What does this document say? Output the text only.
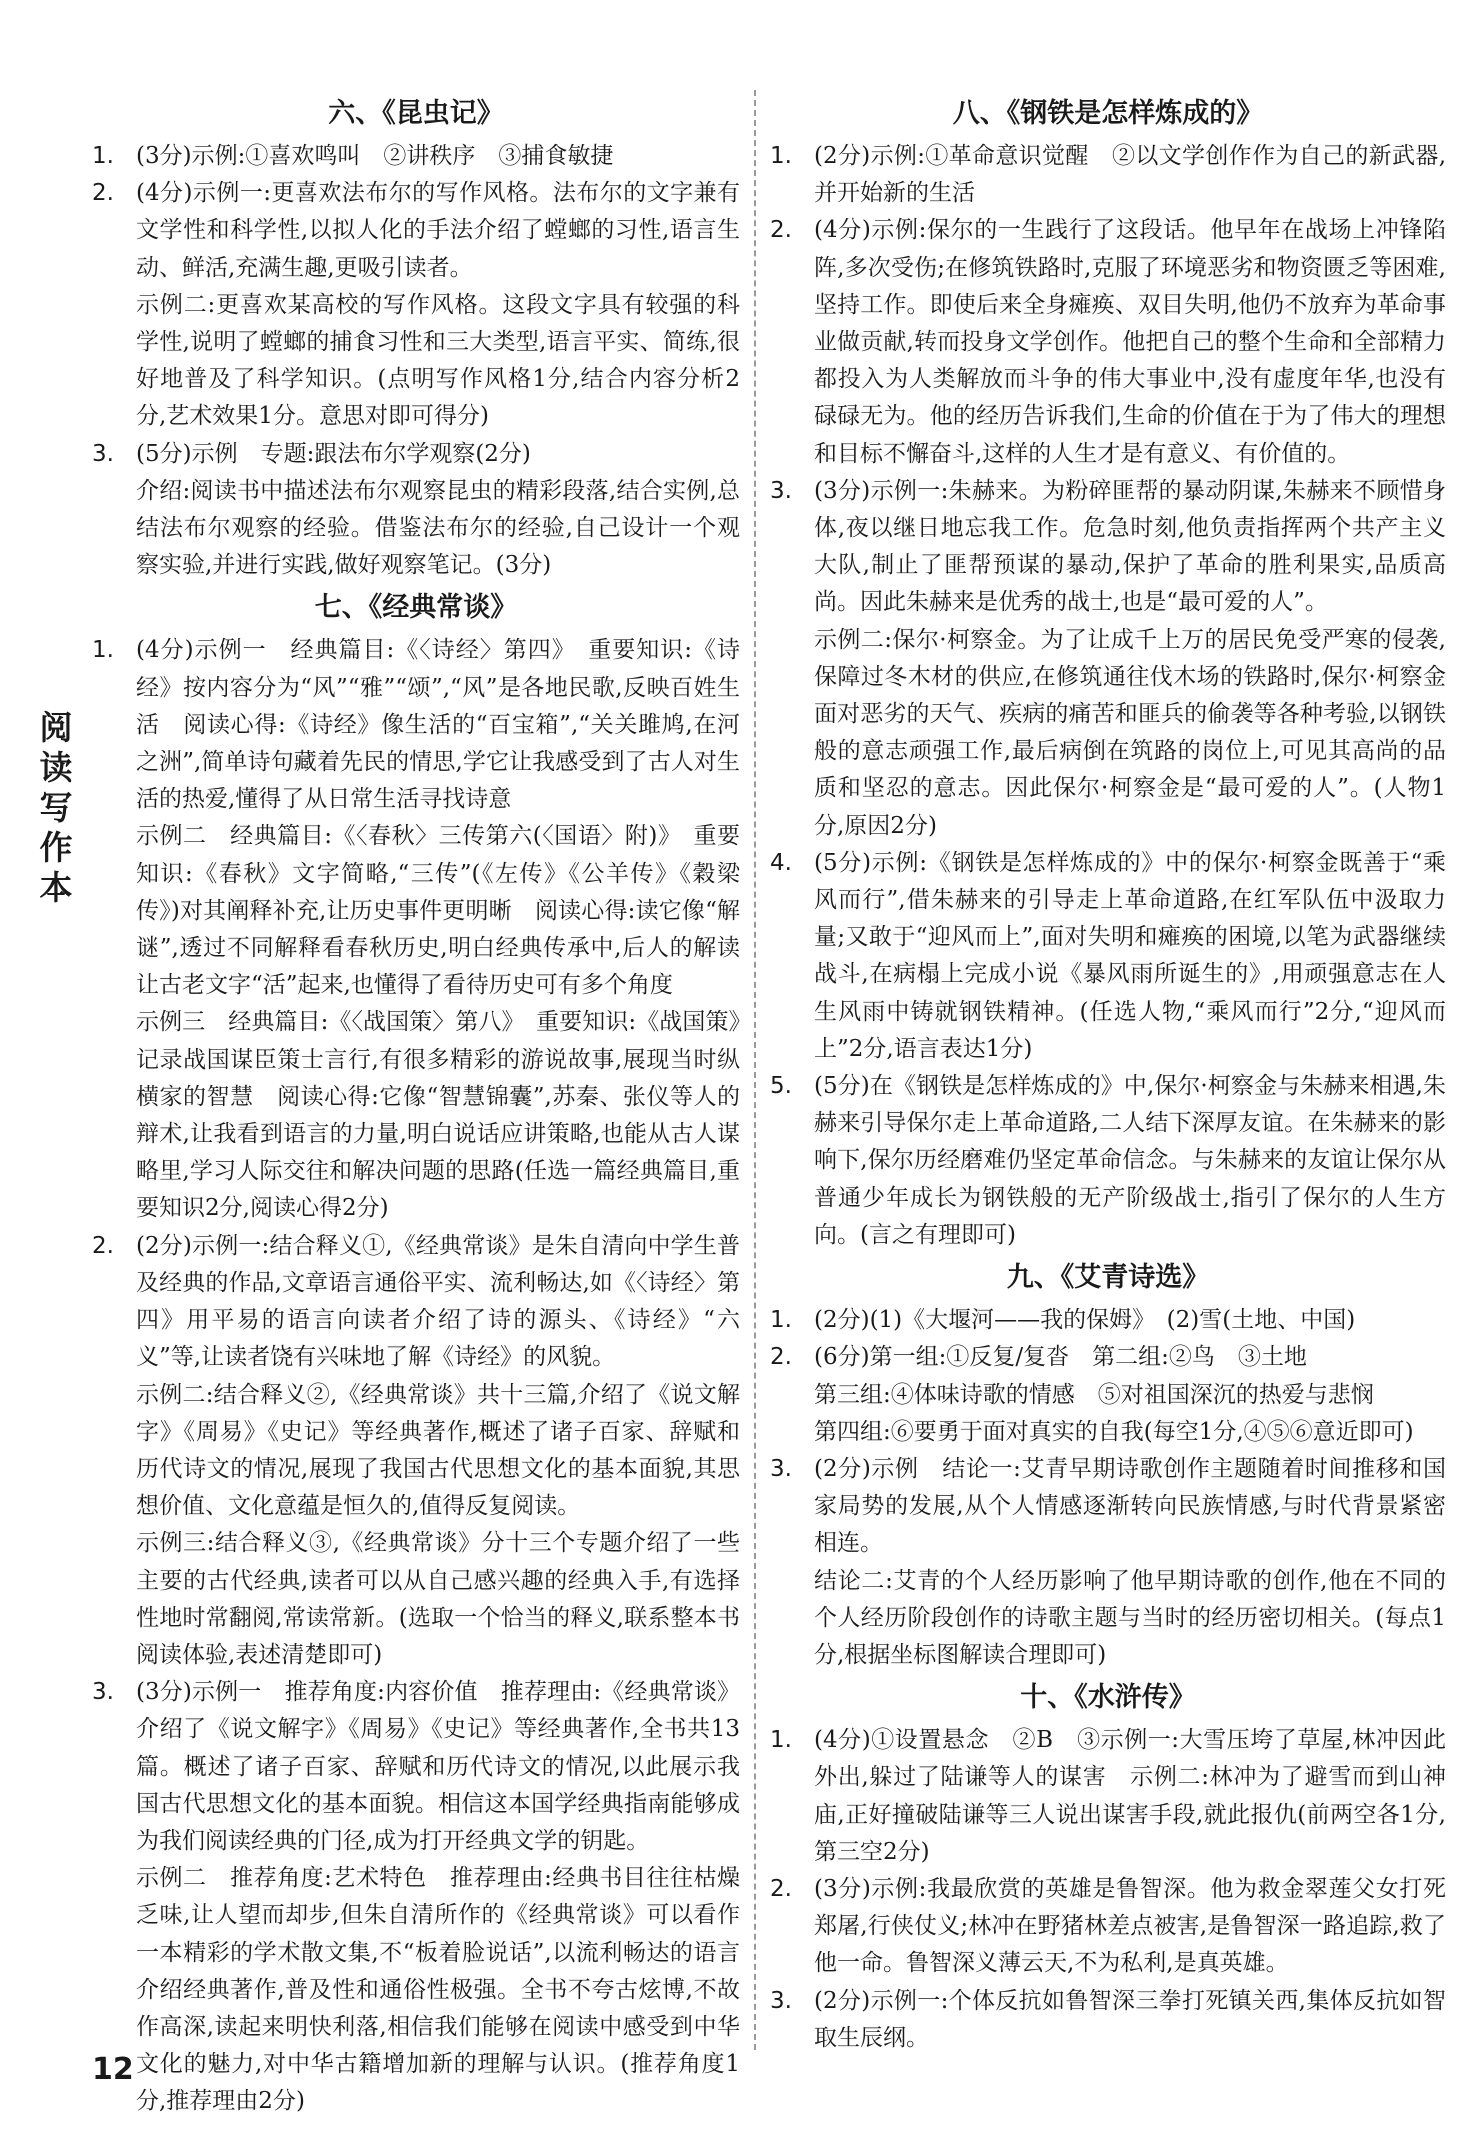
阅读写作本
12
六、《昆虫记》
1. (3分)示例:①喜欢鸣叫　②讲秩序　③捕食敏捷

2. (4分)示例一:更喜欢法布尔的写作风格。法布尔的文字兼有文学性和科学性,以拟人化的手法介绍了螳螂的习性,语言生动、鲜活,充满生趣,更吸引读者。

示例二:更喜欢某高校的写作风格。这段文字具有较强的科学性,说明了螳螂的捕食习性和三大类型,语言平实、简练,很好地普及了科学知识。(点明写作风格1分,结合内容分析2分,艺术效果1分。意思对即可得分)

3. (5分)示例　专题:跟法布尔学观察(2分)

介绍:阅读书中描述法布尔观察昆虫的精彩段落,结合实例,总结法布尔观察的经验。借鉴法布尔的经验,自己设计一个观察实验,并进行实践,做好观察笔记。(3分)

七、《经典常谈》
1. (4分)示例一　经典篇目:《〈诗经〉第四》　重要知识:《诗经》按内容分为“风”“雅”“颂”,“风”是各地民歌,反映百姓生活　阅读心得:《诗经》像生活的“百宝箱”,“关关雎鸠,在河之洲”,简单诗句藏着先民的情思,学它让我感受到了古人对生活的热爱,懂得了从日常生活寻找诗意

示例二　经典篇目:《〈春秋〉三传第六(〈国语〉附)》　重要知识:《春秋》文字简略,“三传”(《左传》《公羊传》《穀梁传》)对其阐释补充,让历史事件更明晰　阅读心得:读它像“解谜”,透过不同解释看春秋历史,明白经典传承中,后人的解读让古老文字“活”起来,也懂得了看待历史可有多个角度

示例三　经典篇目:《〈战国策〉第八》　重要知识:《战国策》记录战国谋臣策士言行,有很多精彩的游说故事,展现当时纵横家的智慧　阅读心得:它像“智慧锦囊”,苏秦、张仪等人的辩术,让我看到语言的力量,明白说话应讲策略,也能从古人谋略里,学习人际交往和解决问题的思路(任选一篇经典篇目,重要知识2分,阅读心得2分)

2. (2分)示例一:结合释义①,《经典常谈》是朱自清向中学生普及经典的作品,文章语言通俗平实、流利畅达,如《〈诗经〉第四》用平易的语言向读者介绍了诗的源头、《诗经》“六义”等,让读者饶有兴味地了解《诗经》的风貌。

示例二:结合释义②,《经典常谈》共十三篇,介绍了《说文解字》《周易》《史记》等经典著作,概述了诸子百家、辞赋和历代诗文的情况,展现了我国古代思想文化的基本面貌,其思想价值、文化意蕴是恒久的,值得反复阅读。

示例三:结合释义③,《经典常谈》分十三个专题介绍了一些主要的古代经典,读者可以从自己感兴趣的经典入手,有选择性地时常翻阅,常读常新。(选取一个恰当的释义,联系整本书阅读体验,表述清楚即可)

3. (3分)示例一　推荐角度:内容价值　推荐理由:《经典常谈》介绍了《说文解字》《周易》《史记》等经典著作,全书共13篇。概述了诸子百家、辞赋和历代诗文的情况,以此展示我国古代思想文化的基本面貌。相信这本国学经典指南能够成为我们阅读经典的门径,成为打开经典文学的钥匙。

示例二　推荐角度:艺术特色　推荐理由:经典书目往往枯燥乏味,让人望而却步,但朱自清所作的《经典常谈》可以看作一本精彩的学术散文集,不“板着脸说话”,以流利畅达的语言介绍经典著作,普及性和通俗性极强。全书不夸古炫博,不故作高深,读起来明快利落,相信我们能够在阅读中感受到中华文化的魅力,对中华古籍增加新的理解与认识。(推荐角度1分,推荐理由2分)

八、《钢铁是怎样炼成的》
1. (2分)示例:①革命意识觉醒　②以文学创作作为自己的新武器,并开始新的生活

2. (4分)示例:保尔的一生践行了这段话。他早年在战场上冲锋陷阵,多次受伤;在修筑铁路时,克服了环境恶劣和物资匮乏等困难,坚持工作。即使后来全身瘫痪、双目失明,他仍不放弃为革命事业做贡献,转而投身文学创作。他把自己的整个生命和全部精力都投入为人类解放而斗争的伟大事业中,没有虚度年华,也没有碌碌无为。他的经历告诉我们,生命的价值在于为了伟大的理想和目标不懈奋斗,这样的人生才是有意义、有价值的。

3. (3分)示例一:朱赫来。为粉碎匪帮的暴动阴谋,朱赫来不顾惜身体,夜以继日地忘我工作。危急时刻,他负责指挥两个共产主义大队,制止了匪帮预谋的暴动,保护了革命的胜利果实,品质高尚。因此朱赫来是优秀的战士,也是“最可爱的人”。

示例二:保尔·柯察金。为了让成千上万的居民免受严寒的侵袭,保障过冬木材的供应,在修筑通往伐木场的铁路时,保尔·柯察金面对恶劣的天气、疾病的痛苦和匪兵的偷袭等各种考验,以钢铁般的意志顽强工作,最后病倒在筑路的岗位上,可见其高尚的品质和坚忍的意志。因此保尔·柯察金是“最可爱的人”。(人物1分,原因2分)

4. (5分)示例:《钢铁是怎样炼成的》中的保尔·柯察金既善于“乘风而行”,借朱赫来的引导走上革命道路,在红军队伍中汲取力量;又敢于“迎风而上”,面对失明和瘫痪的困境,以笔为武器继续战斗,在病榻上完成小说《暴风雨所诞生的》,用顽强意志在人生风雨中铸就钢铁精神。(任选人物,“乘风而行”2分,“迎风而上”2分,语言表达1分)

5. (5分)在《钢铁是怎样炼成的》中,保尔·柯察金与朱赫来相遇,朱赫来引导保尔走上革命道路,二人结下深厚友谊。在朱赫来的影响下,保尔历经磨难仍坚定革命信念。与朱赫来的友谊让保尔从普通少年成长为钢铁般的无产阶级战士,指引了保尔的人生方向。(言之有理即可)

九、《艾青诗选》
1. (2分)(1)《大堰河——我的保姆》　(2)雪(土地、中国)

2. (6分)第一组:①反复/复沓　第二组:②鸟　③土地

第三组:④体味诗歌的情感　⑤对祖国深沉的热爱与悲悯

第四组:⑥要勇于面对真实的自我(每空1分,④⑤⑥意近即可)

3. (2分)示例　结论一:艾青早期诗歌创作主题随着时间推移和国家局势的发展,从个人情感逐渐转向民族情感,与时代背景紧密相连。

结论二:艾青的个人经历影响了他早期诗歌的创作,他在不同的个人经历阶段创作的诗歌主题与当时的经历密切相关。(每点1分,根据坐标图解读合理即可)

十、《水浒传》
1. (4分)①设置悬念　②B　③示例一:大雪压垮了草屋,林冲因此外出,躲过了陆谦等人的谋害　示例二:林冲为了避雪而到山神庙,正好撞破陆谦等三人说出谋害手段,就此报仇(前两空各1分,第三空2分)

2. (3分)示例:我最欣赏的英雄是鲁智深。他为救金翠莲父女打死郑屠,行侠仗义;林冲在野猪林差点被害,是鲁智深一路追踪,救了他一命。鲁智深义薄云天,不为私利,是真英雄。

3. (2分)示例一:个体反抗如鲁智深三拳打死镇关西,集体反抗如智取生辰纲。
